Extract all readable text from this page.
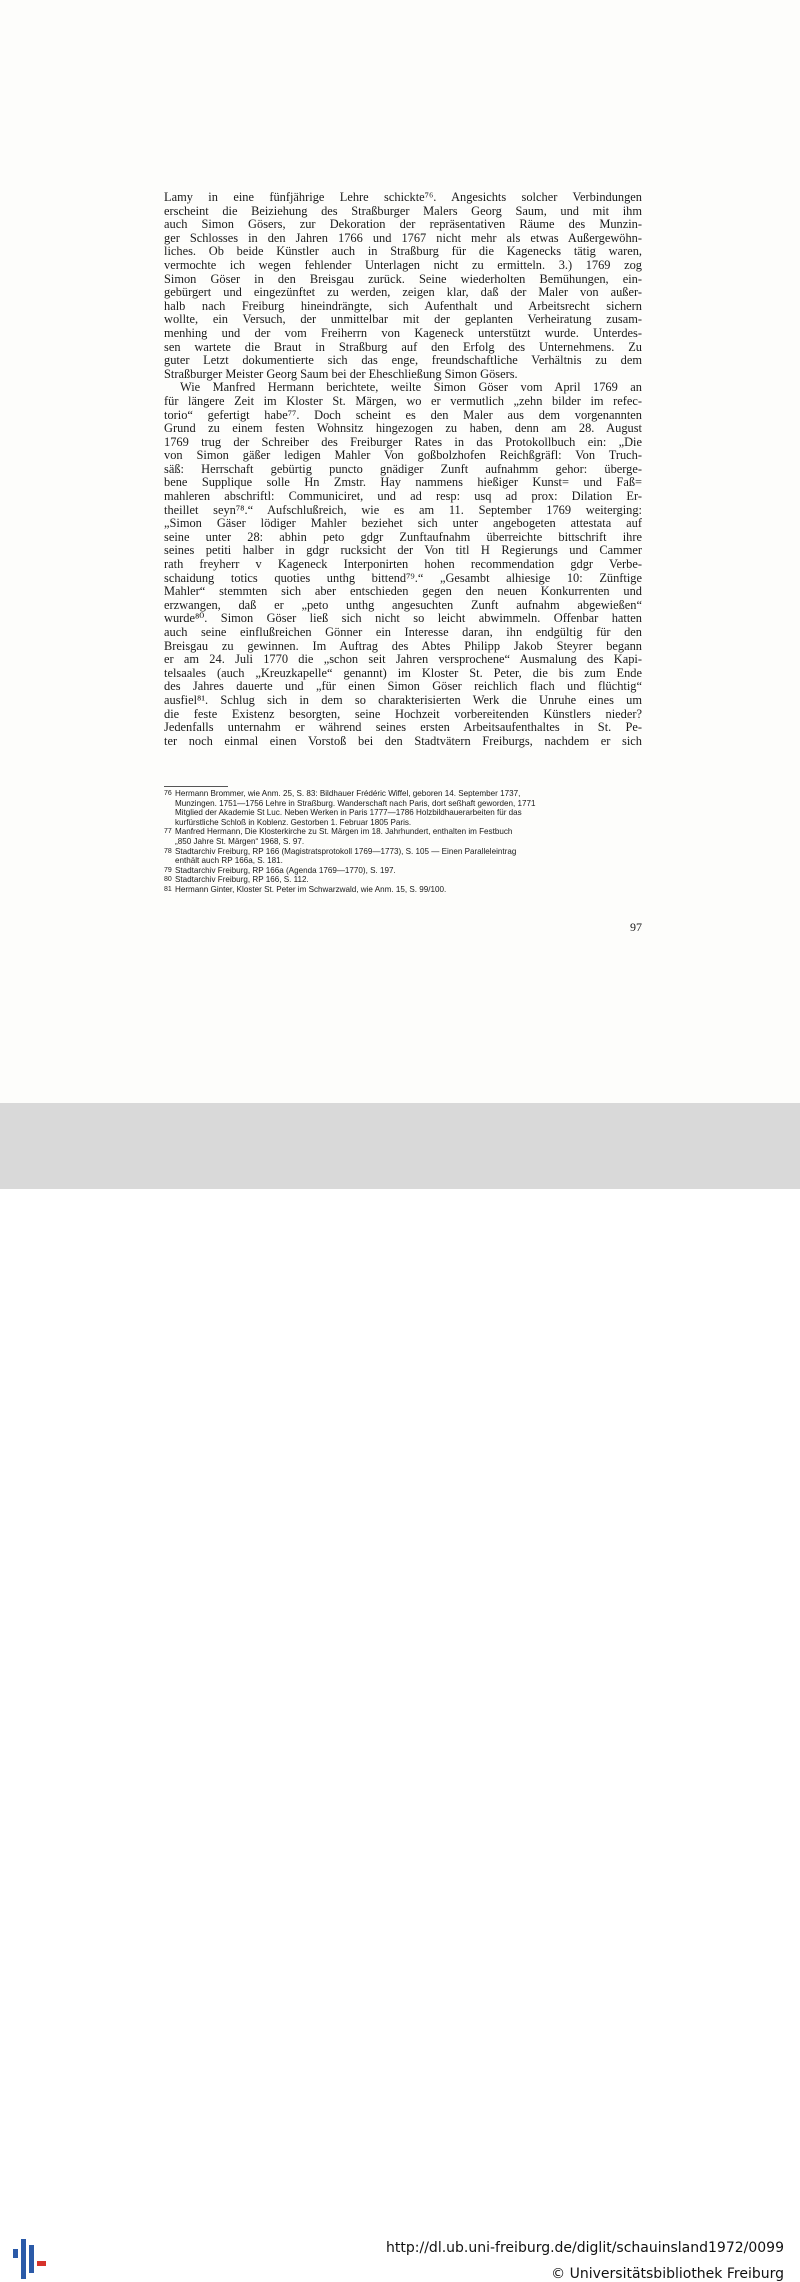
Lamy in eine fünfjährige Lehre schickte⁷⁶. Angesichts solcher Verbindungen
erscheint die Beiziehung des Straßburger Malers Georg Saum, und mit ihm
auch Simon Gösers, zur Dekoration der repräsentativen Räume des Munzin-
ger Schlosses in den Jahren 1766 und 1767 nicht mehr als etwas Außergewöhn-
liches. Ob beide Künstler auch in Straßburg für die Kagenecks tätig waren,
vermochte ich wegen fehlender Unterlagen nicht zu ermitteln. 3.) 1769 zog
Simon Göser in den Breisgau zurück. Seine wiederholten Bemühungen, ein-
gebürgert und eingezünftet zu werden, zeigen klar, daß der Maler von außer-
halb nach Freiburg hineindrängte, sich Aufenthalt und Arbeitsrecht sichern
wollte, ein Versuch, der unmittelbar mit der geplanten Verheiratung zusam-
menhing und der vom Freiherrn von Kageneck unterstützt wurde. Unterdes-
sen wartete die Braut in Straßburg auf den Erfolg des Unternehmens. Zu
guter Letzt dokumentierte sich das enge, freundschaftliche Verhältnis zu dem
Straßburger Meister Georg Saum bei der Eheschließung Simon Gösers.
Wie Manfred Hermann berichtete, weilte Simon Göser vom April 1769 an
für längere Zeit im Kloster St. Märgen, wo er vermutlich „zehn bilder im refec-
torio“ gefertigt habe⁷⁷. Doch scheint es den Maler aus dem vorgenannten
Grund zu einem festen Wohnsitz hingezogen zu haben, denn am 28. August
1769 trug der Schreiber des Freiburger Rates in das Protokollbuch ein: „Die
von Simon gäßer ledigen Mahler Von goßbolzhofen Reichßgräfl: Von Truch-
säß: Herrschaft gebürtig puncto gnädiger Zunft aufnahmm gehor: überge-
bene Supplique solle Hn Zmstr. Hay nammens hießiger Kunst= und Faß=
mahleren abschriftl: Communiciret, und ad resp: usq ad prox: Dilation Er-
theillet seyn⁷⁸.“ Aufschlußreich, wie es am 11. September 1769 weiterging:
„Simon Gäser lödiger Mahler beziehet sich unter angebogeten attestata auf
seine unter 28: abhin peto gdgr Zunftaufnahm überreichte bittschrift ihre
seines petiti halber in gdgr rucksicht der Von titl H Regierungs und Cammer
rath freyherr v Kageneck Interponirten hohen recommendation gdgr Verbe-
schaidung totics quoties unthg bittend⁷⁹.“ „Gesambt alhiesige 10: Zünftige
Mahler“ stemmten sich aber entschieden gegen den neuen Konkurrenten und
erzwangen, daß er „peto unthg angesuchten Zunft aufnahm abgewießen“
wurde⁸⁰. Simon Göser ließ sich nicht so leicht abwimmeln. Offenbar hatten
auch seine einflußreichen Gönner ein Interesse daran, ihn endgültig für den
Breisgau zu gewinnen. Im Auftrag des Abtes Philipp Jakob Steyrer begann
er am 24. Juli 1770 die „schon seit Jahren versprochene“ Ausmalung des Kapi-
telsaales (auch „Kreuzkapelle“ genannt) im Kloster St. Peter, die bis zum Ende
des Jahres dauerte und „für einen Simon Göser reichlich flach und flüchtig“
ausfiel⁸¹. Schlug sich in dem so charakterisierten Werk die Unruhe eines um
die feste Existenz besorgten, seine Hochzeit vorbereitenden Künstlers nieder?
Jedenfalls unternahm er während seines ersten Arbeitsaufenthaltes in St. Pe-
ter noch einmal einen Vorstoß bei den Stadtvätern Freiburgs, nachdem er sich
76 Hermann Brommer, wie Anm. 25, S. 83: Bildhauer Frédéric Wiffel, geboren 14. September 1737,
Munzingen. 1751—1756 Lehre in Straßburg. Wanderschaft nach Paris, dort seßhaft geworden, 1771
Mitglied der Akademie St Luc. Neben Werken in Paris 1777—1786 Holzbildhauerarbeiten für das
kurfürstliche Schloß in Koblenz. Gestorben 1. Februar 1805 Paris.
77 Manfred Hermann, Die Klosterkirche zu St. Märgen im 18. Jahrhundert, enthalten im Festbuch
„850 Jahre St. Märgen“ 1968, S. 97.
78 Stadtarchiv Freiburg, RP 166 (Magistratsprotokoll 1769—1773), S. 105 — Einen Paralleleintrag
enthält auch RP 166a, S. 181.
79 Stadtarchiv Freiburg, RP 166a (Agenda 1769—1770), S. 197.
80 Stadtarchiv Freiburg, RP 166, S. 112.
81 Hermann Ginter, Kloster St. Peter im Schwarzwald, wie Anm. 15, S. 99/100.
97
http://dl.ub.uni-freiburg.de/diglit/schauinsland1972/0099
© Universitätsbibliothek Freiburg
